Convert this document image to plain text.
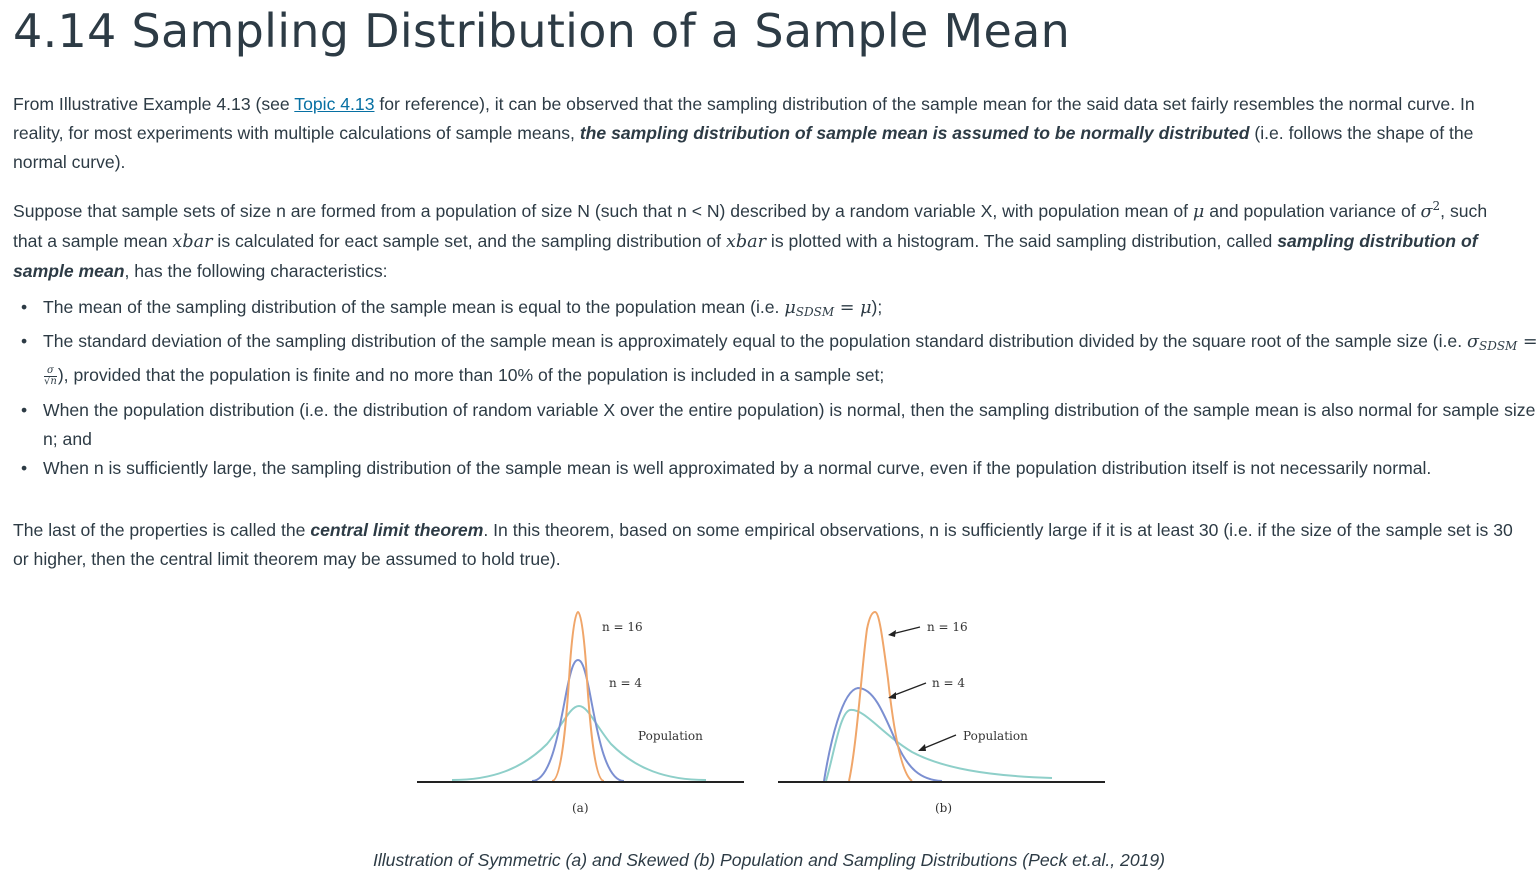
4.14 Sampling Distribution of a Sample Mean

From Illustrative Example 4.13 (see Topic 4.13 for reference), it can be observed that the sampling distribution of the sample mean for the said data set fairly resembles the normal curve. In reality, for most experiments with multiple calculations of sample means, the sampling distribution of sample mean is assumed to be normally distributed (i.e. follows the shape of the normal curve).

Suppose that sample sets of size n are formed from a population of size N (such that n < N) described by a random variable X, with population mean of μ and population variance of $\sigma^2$, such that a sample mean xbar is calculated for eact sample set, and the sampling distribution of xbar is plotted with a histogram. The said sampling distribution, called sampling distribution of sample mean, has the following characteristics:

• The mean of the sampling distribution of the sample mean is equal to the population mean (i.e. $\mu_{SDSM} = \mu$);
• The standard deviation of the sampling distribution of the sample mean is approximately equal to the population standard distribution divided by the square root of the sample size (i.e. $\sigma_{SDSM}$ =
$\frac{\sigma}{√n}$ ), provided that the population is finite and no more than 10% of the population is included in a sample set;
• When the population distribution (i.e. the distribution of random variable X over the entire population) is normal, then the sampling distribution of the sample mean is also normal for sample size n; and
• When n is sufficiently large, the sampling distribution of the sample mean is well approximated by a normal curve, even if the population distribution itself is not necessarily normal.

The last of the properties is called the central limit theorem. In this theorem, based on some empirical observations, n is sufficiently large if it is at least 30 (i.e. if the size of the sample set is 30 or higher, then the central limit theorem may be assumed to hold true).

n = 16
n = 4
Population
(a)
n = 16
n = 4
Population
(b)
Illustration of Symmetric (a) and Skewed (b) Population and Sampling Distributions (Peck et.al., 2019)
